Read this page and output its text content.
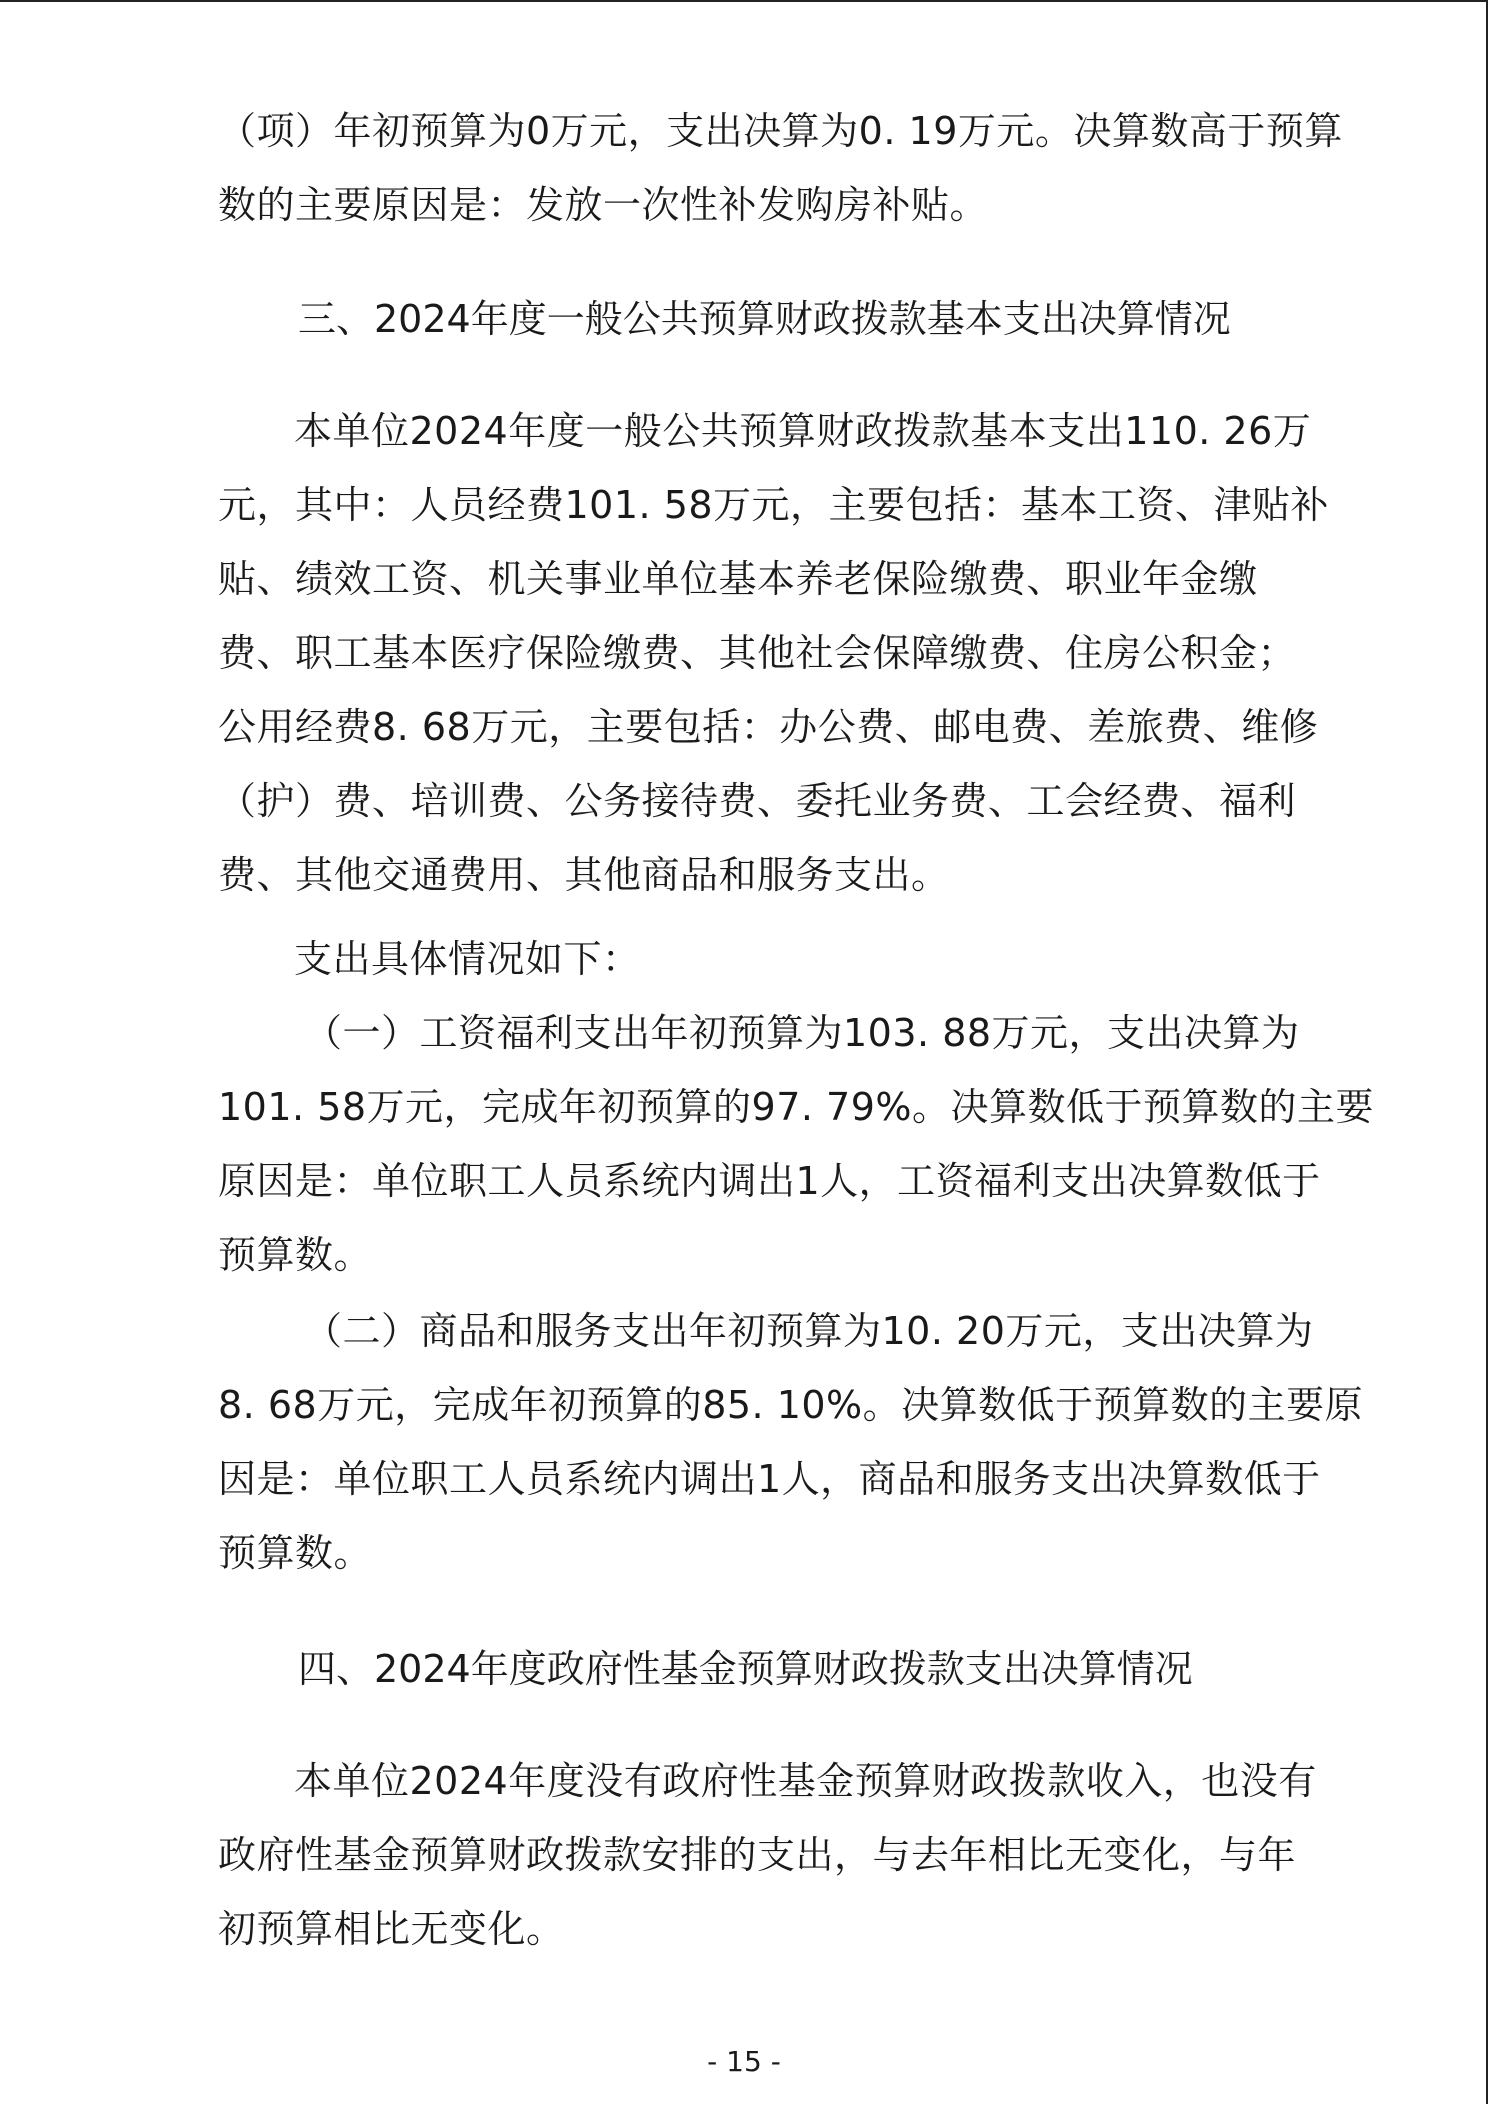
（项）年初预算为0万元，支出决算为0. 19万元。决算数高于预算
数的主要原因是：发放一次性补发购房补贴。

三、2024年度一般公共预算财政拨款基本支出决算情况

本单位2024年度一般公共预算财政拨款基本支出110. 26万
元，其中：人员经费101. 58万元，主要包括：基本工资、津贴补
贴、绩效工资、机关事业单位基本养老保险缴费、职业年金缴
费、职工基本医疗保险缴费、其他社会保障缴费、住房公积金；
公用经费8. 68万元，主要包括：办公费、邮电费、差旅费、维修
（护）费、培训费、公务接待费、委托业务费、工会经费、福利
费、其他交通费用、其他商品和服务支出。

支出具体情况如下：

（一）工资福利支出年初预算为103. 88万元，支出决算为
101. 58万元，完成年初预算的97. 79%。决算数低于预算数的主要
原因是：单位职工人员系统内调出1人，工资福利支出决算数低于
预算数。

（二）商品和服务支出年初预算为10. 20万元，支出决算为
8. 68万元，完成年初预算的85. 10%。决算数低于预算数的主要原
因是：单位职工人员系统内调出1人，商品和服务支出决算数低于
预算数。

四、2024年度政府性基金预算财政拨款支出决算情况

本单位2024年度没有政府性基金预算财政拨款收入，也没有
政府性基金预算财政拨款安排的支出，与去年相比无变化，与年
初预算相比无变化。

- 15 -
